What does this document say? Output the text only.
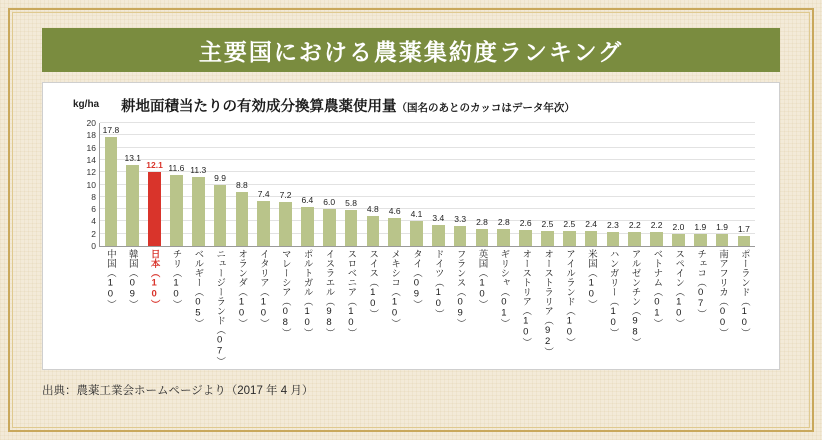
主要国における農薬集約度ランキング
kg/ha 耕地面積当たりの有効成分換算農薬使用量（国名のあとのカッコはデータ年次）
0
2
4
6
8
10
12
14
16
18
20
17.8
13.1
12.1 11.6 11.3
9.9
8.8
7.4 7.2 6.4 6.0 5.8
4.8 4.6 4.1 3.4 3.3 2.8 2.8 2.6 2.5 2.5 2.4 2.3 2.2 2.2 2.0 1.9 1.9 1.7
中国（10） 韓国（09） 日本（10） チリ（10） ベルギー（05） ニュージーランド（07） オランダ（10） イタリア（10） マレーシア（08） ポルトガル（10） イスラエル（98） スロベニア（10） スイス（10） メキシコ（10） タイ（09） ドイツ（10） フランス（09） 英国（10） ギリシャ（01） オーストリア（10） オーストラリア（92） アイルランド（10） 米国（10） ハンガリー（10） アルゼンチン（98） ベトナム（01） スペイン（10） チェコ（07） 南アフリカ（00） ポーランド（10）
出典：農薬工業会ホームページより（2017 年 4 月）
